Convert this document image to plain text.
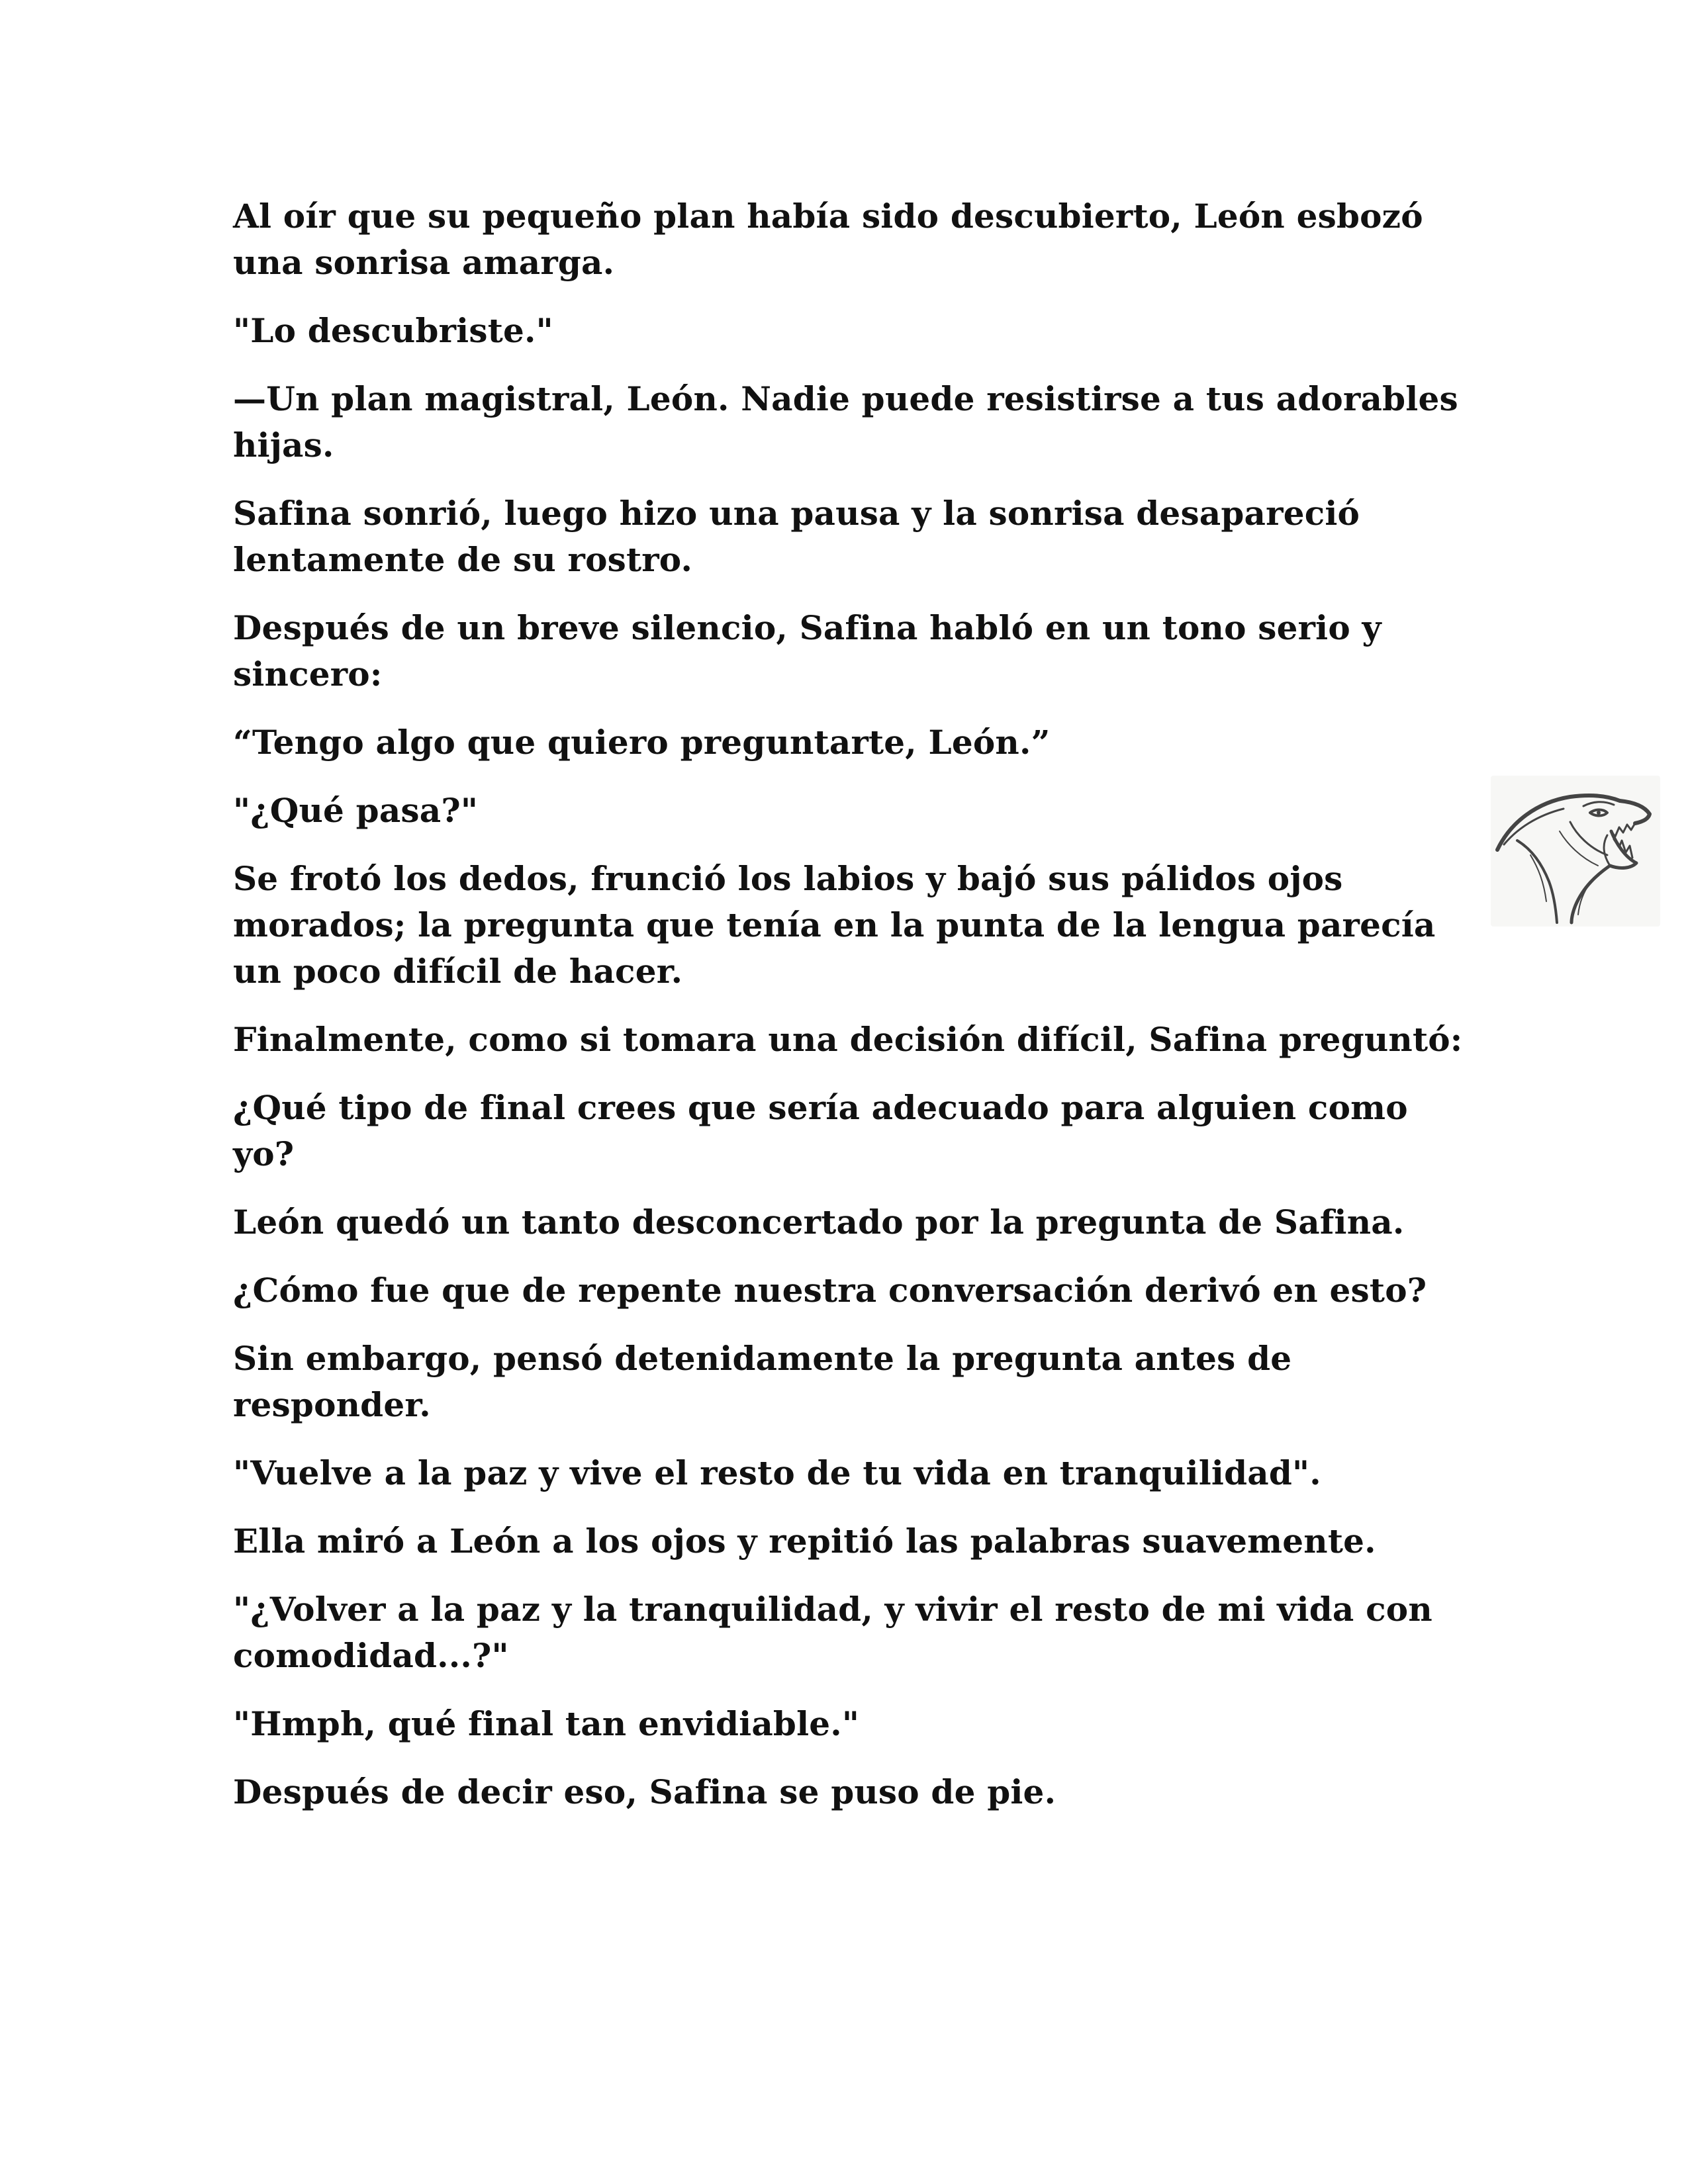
Al oír que su pequeño plan había sido descubierto, León esbozó una sonrisa amarga.

"Lo descubriste."

—Un plan magistral, León. Nadie puede resistirse a tus adorables hijas.

Safina sonrió, luego hizo una pausa y la sonrisa desapareció lentamente de su rostro.

Después de un breve silencio, Safina habló en un tono serio y sincero:

“Tengo algo que quiero preguntarte, León.”

"¿Qué pasa?"

Se frotó los dedos, frunció los labios y bajó sus pálidos ojos morados; la pregunta que tenía en la punta de la lengua parecía un poco difícil de hacer.

Finalmente, como si tomara una decisión difícil, Safina preguntó:

¿Qué tipo de final crees que sería adecuado para alguien como yo?

León quedó un tanto desconcertado por la pregunta de Safina.

¿Cómo fue que de repente nuestra conversación derivó en esto?

Sin embargo, pensó detenidamente la pregunta antes de responder.

"Vuelve a la paz y vive el resto de tu vida en tranquilidad".

Ella miró a León a los ojos y repitió las palabras suavemente.

"¿Volver a la paz y la tranquilidad, y vivir el resto de mi vida con comodidad...?"

"Hmph, qué final tan envidiable."

Después de decir eso, Safina se puso de pie.
